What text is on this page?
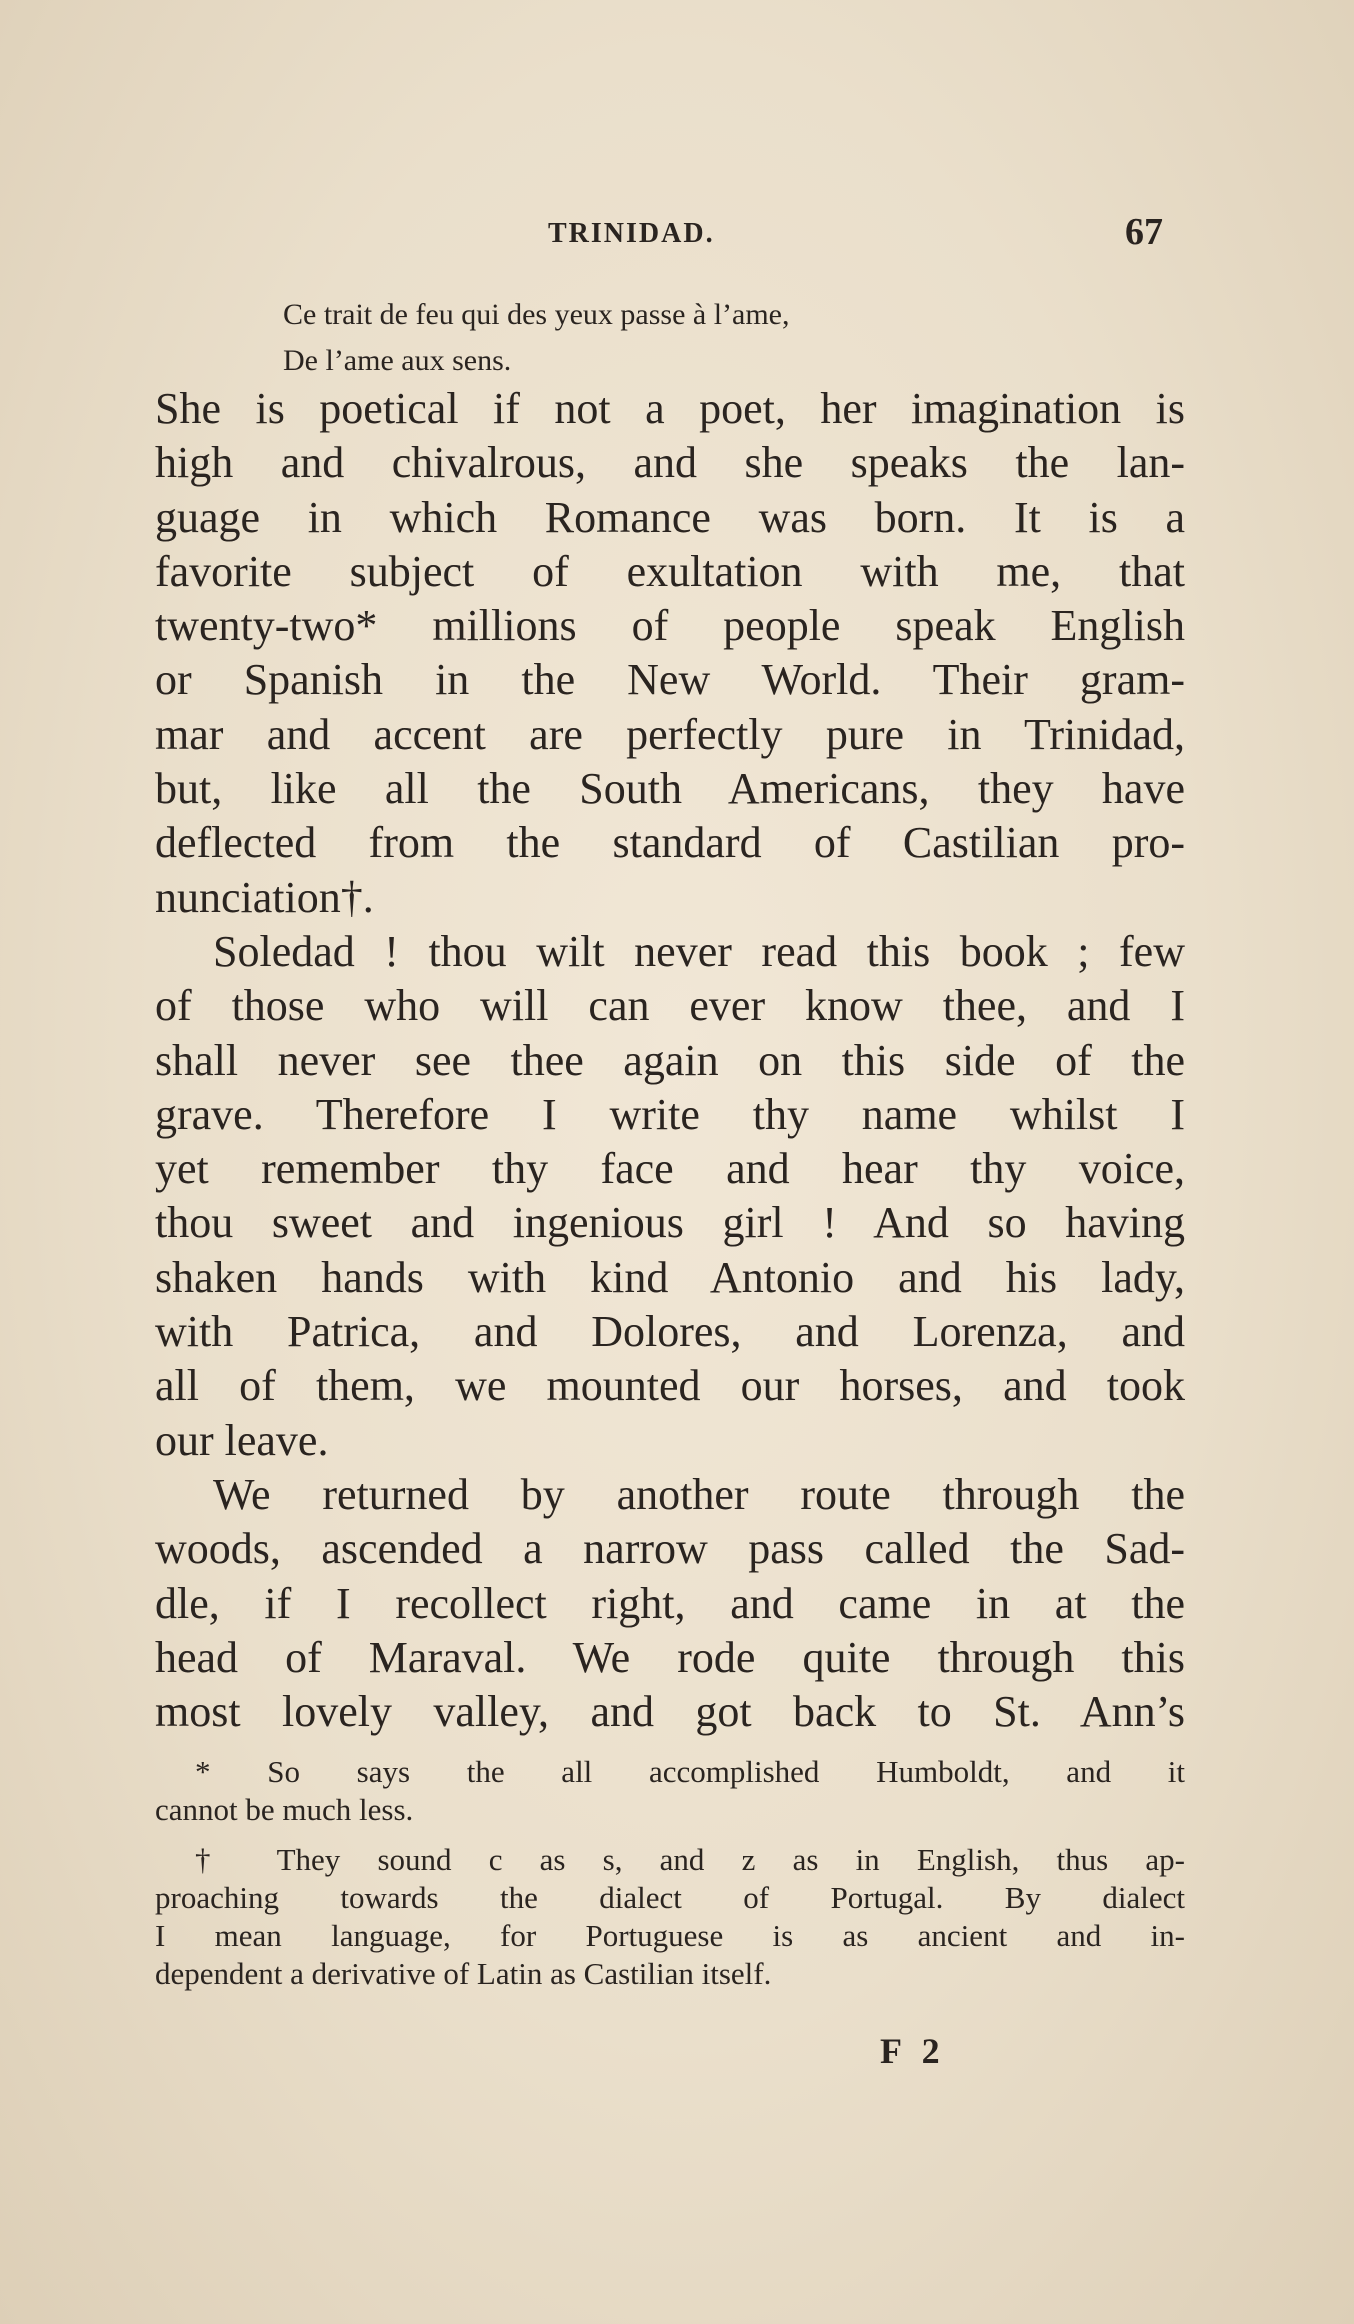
TRINIDAD.	67
Ce trait de feu qui des yeux passe à l’ame,
De l’ame aux sens.

She is poetical if not a poet, her imagination is
high and chivalrous, and she speaks the lan-
guage in which Romance was born. It is a
favorite subject of exultation with me, that
twenty-two* millions of people speak English
or Spanish in the New World. Their gram-
mar and accent are perfectly pure in Trinidad,
but, like all the South Americans, they have
deflected from the standard of Castilian pro-
nunciation†.

Soledad ! thou wilt never read this book ; few
of those who will can ever know thee, and I
shall never see thee again on this side of the
grave. Therefore I write thy name whilst I
yet remember thy face and hear thy voice,
thou sweet and ingenious girl ! And so having
shaken hands with kind Antonio and his lady,
with Patrica, and Dolores, and Lorenza, and
all of them, we mounted our horses, and took
our leave.

We returned by another route through the
woods, ascended a narrow pass called the Sad-
dle, if I recollect right, and came in at the
head of Maraval. We rode quite through this
most lovely valley, and got back to St. Ann’s

* So says the all accomplished Humboldt, and it
cannot be much less.
† They sound c as s, and z as in English, thus ap-
proaching towards the dialect of Portugal. By dialect
I mean language, for Portuguese is as ancient and in-
dependent a derivative of Latin as Castilian itself.
F 2
